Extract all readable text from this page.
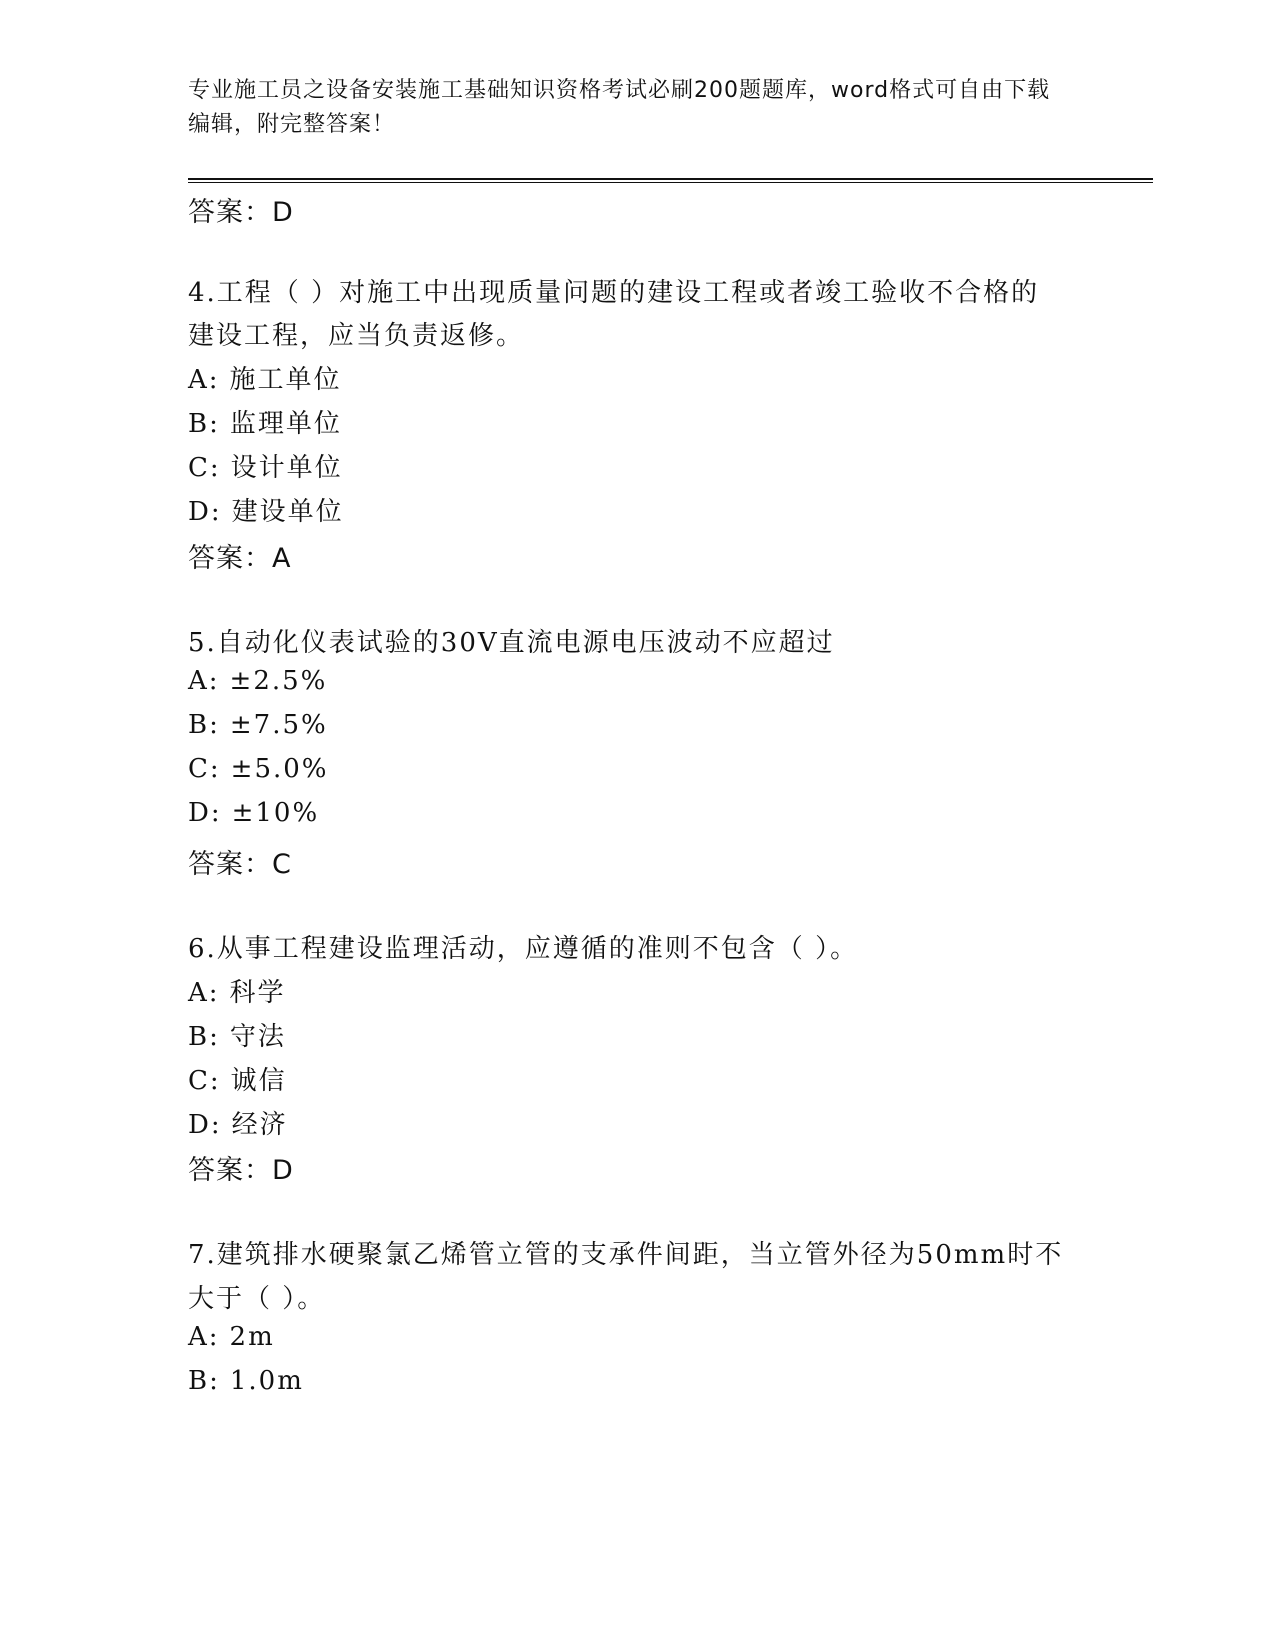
专业施工员之设备安装施工基础知识资格考试必刷200题题库，word格式可自由下载编辑，附完整答案！
答案：D
4.工程（ ）对施工中出现质量问题的建设工程或者竣工验收不合格的
建设工程，应当负责返修。
A: 施工单位
B: 监理单位
C: 设计单位
D: 建设单位
答案：A
5.自动化仪表试验的30V直流电源电压波动不应超过
A: ±2.5%
B: ±7.5%
C: ±5.0%
D: ±10%
答案：C
6.从事工程建设监理活动，应遵循的准则不包含（ ）。
A: 科学
B: 守法
C: 诚信
D: 经济
答案：D
7.建筑排水硬聚氯乙烯管立管的支承件间距，当立管外径为50mm时不
大于（ ）。
A: 2m
B: 1.0m
